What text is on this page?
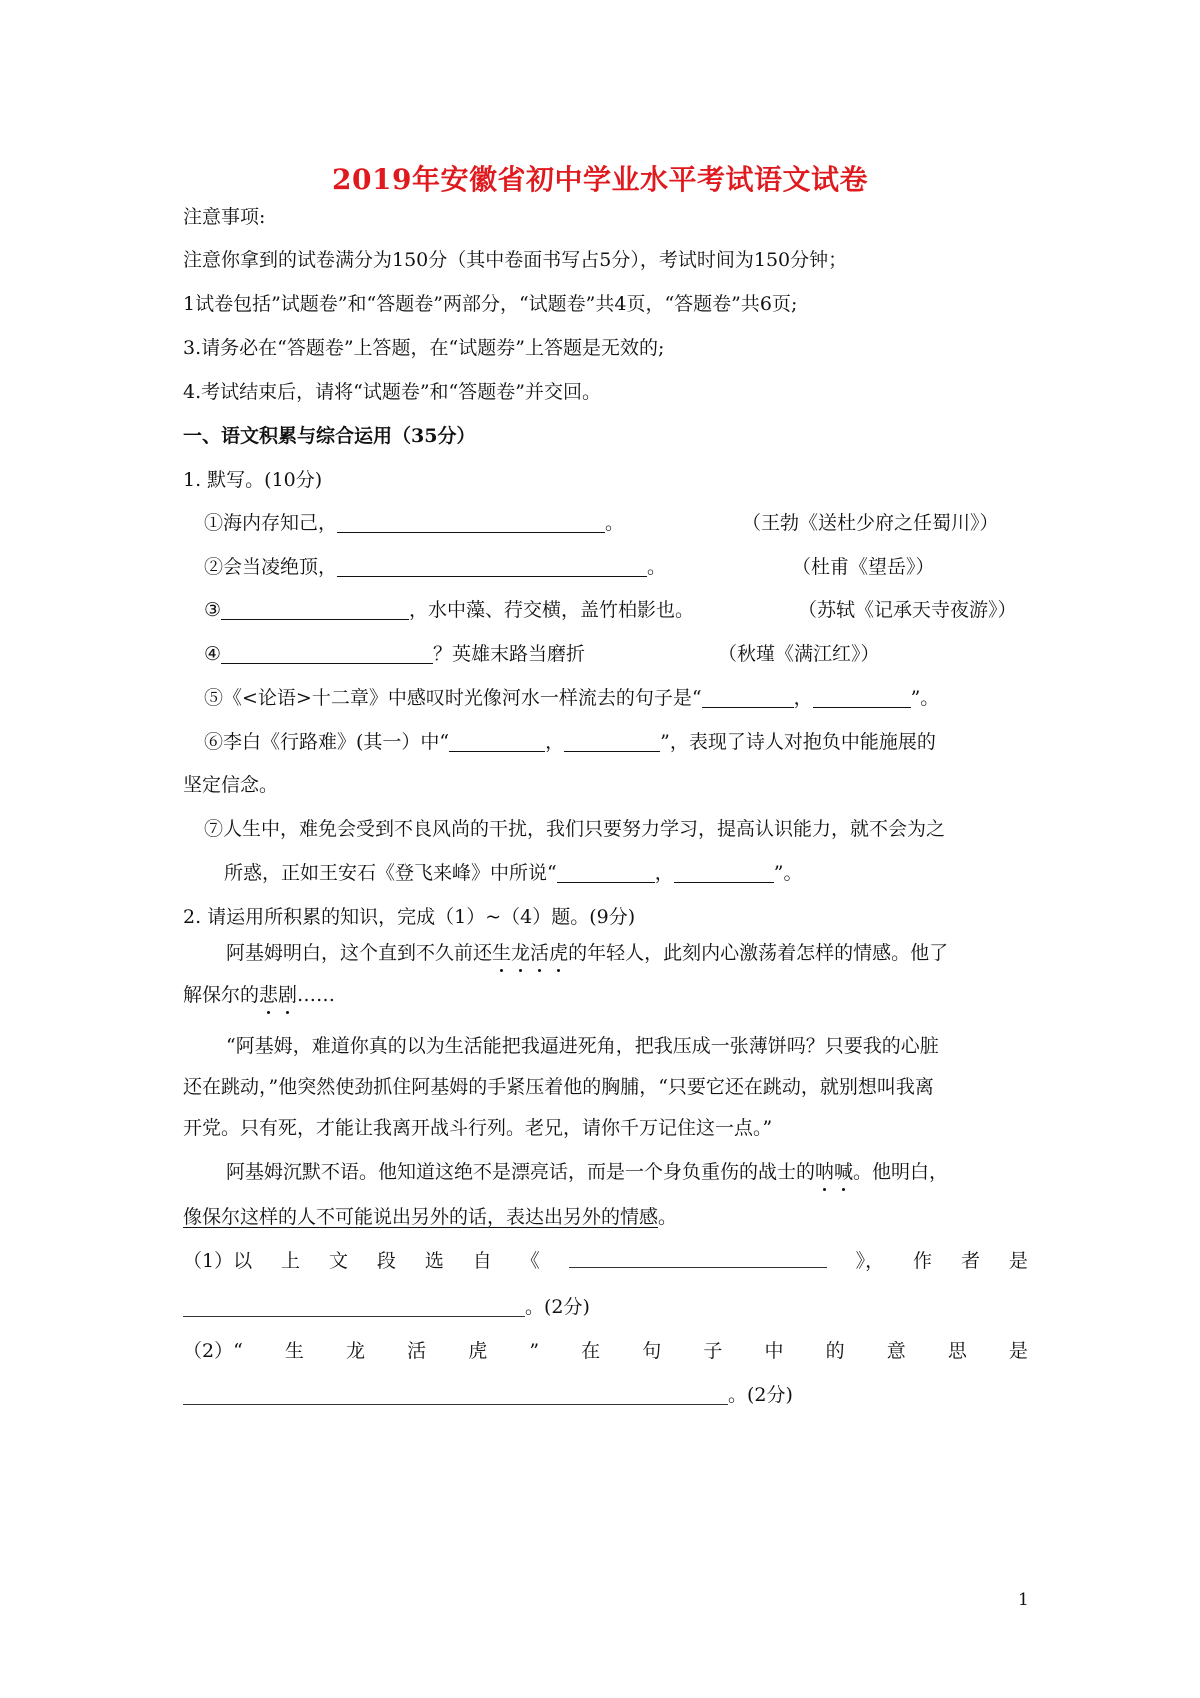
2019年安徽省初中学业水平考试语文试卷
注意事项:
注意你拿到的试卷满分为150分（其中卷面书写占5分），考试时间为150分钟；
1试卷包括”试题卷”和“答题卷”两部分，“试题卷”共4页，“答题卷”共6页;
3.请务必在“答题卷”上答题，在“试题券”上答题是无效的;
4.考试结束后，请将“试题卷”和“答题卷”并交回。
一、语文积累与综合运用（35分）
1. 默写。(10分)
①海内存知己，	。	（王勃《送杜少府之任蜀川》）
②会当凌绝顶，	。	（杜甫《望岳》）
③	，水中藻、荇交横，盖竹柏影也。	（苏轼《记承天寺夜游》）
④	？英雄末路当磨折	（秋瑾《满江红》）
⑤《<论语>十二章》中感叹时光像河水一样流去的句子是“	，	”。
⑥李白《行路难》(其一）中“	，	”，表现了诗人对抱负中能施展的
坚定信念。
⑦人生中，难免会受到不良风尚的干扰，我们只要努力学习，提高认识能力，就不会为之
所惑，正如王安石《登飞来峰》中所说“	，	”。
2. 请运用所积累的知识，完成（1）~（4）题。(9分)
阿基姆明白，这个直到不久前还生龙活虎的年轻人，此刻内心激荡着怎样的情感。他了
解保尔的悲剧……
“阿基姆，难道你真的以为生活能把我逼进死角，把我压成一张薄饼吗？只要我的心脏
还在跳动，”他突然使劲抓住阿基姆的手紧压着他的胸脯，“只要它还在跳动，就别想叫我离
开党。只有死，才能让我离开战斗行列。老兄，请你千万记住这一点。”
阿基姆沉默不语。他知道这绝不是漂亮话，而是一个身负重伤的战士的呐喊。他明白，
像保尔这样的人不可能说出另外的话，表达出另外的情感。
（1）以 上 文 段 选 自 《	》， 作 者 是
。(2分)
（2）“ 生 龙 活 虎 ” 在 句 子 中 的 意 思 是
。(2分)
1
